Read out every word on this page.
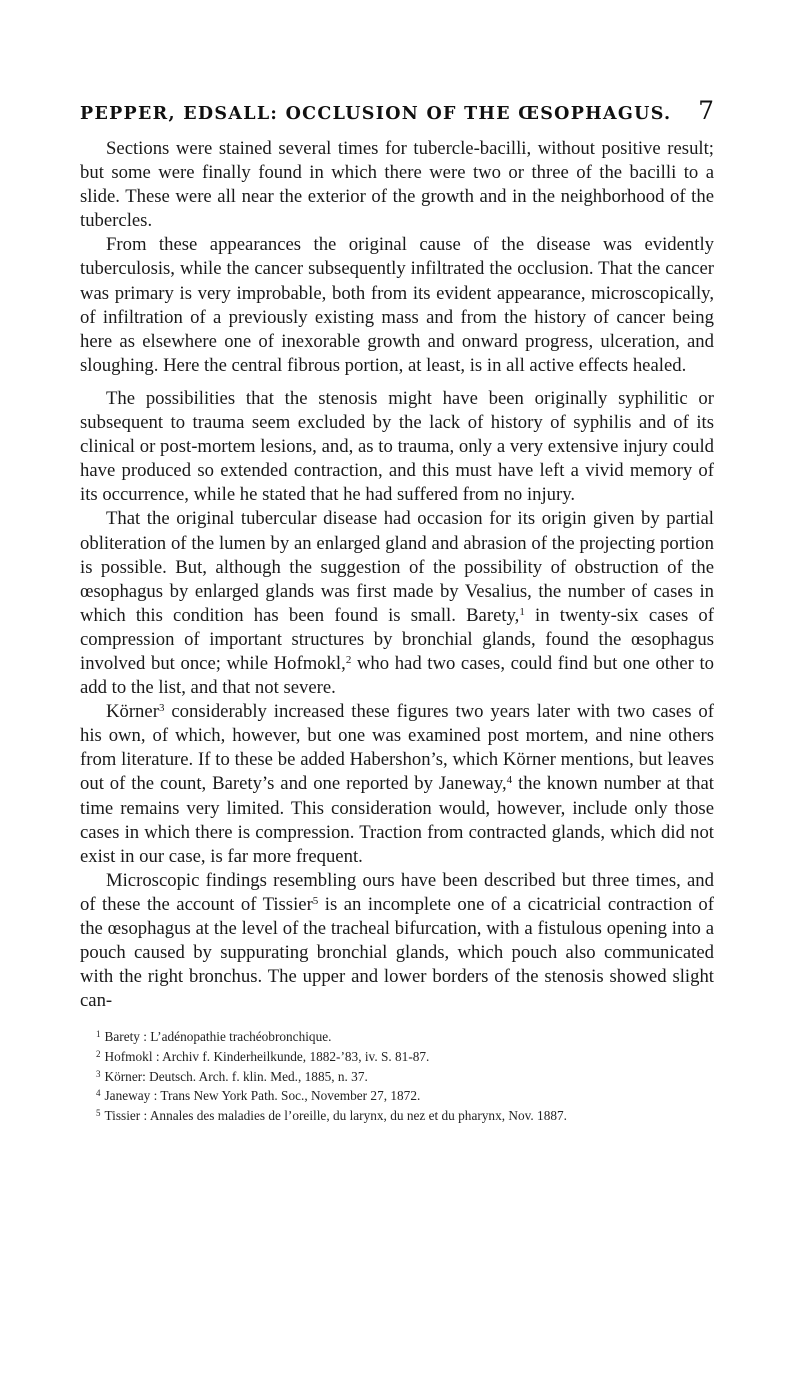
PEPPER, EDSALL: OCCLUSION OF THE ŒSOPHAGUS. 7

Sections were stained several times for tubercle-bacilli, without positive result; but some were finally found in which there were two or three of the bacilli to a slide. These were all near the exterior of the growth and in the neighborhood of the tubercles.

From these appearances the original cause of the disease was evidently tuberculosis, while the cancer subsequently infiltrated the occlusion. That the cancer was primary is very improbable, both from its evident appearance, microscopically, of infiltration of a previously existing mass and from the history of cancer being here as elsewhere one of inexorable growth and onward progress, ulceration, and sloughing. Here the central fibrous portion, at least, is in all active effects healed.

The possibilities that the stenosis might have been originally syphilitic or subsequent to trauma seem excluded by the lack of history of syphilis and of its clinical or post-mortem lesions, and, as to trauma, only a very extensive injury could have produced so extended contraction, and this must have left a vivid memory of its occurrence, while he stated that he had suffered from no injury.

That the original tubercular disease had occasion for its origin given by partial obliteration of the lumen by an enlarged gland and abrasion of the projecting portion is possible. But, although the suggestion of the possibility of obstruction of the œsophagus by enlarged glands was first made by Vesalius, the number of cases in which this condition has been found is small. Barety,$^1$ in twenty-six cases of compression of important structures by bronchial glands, found the œsophagus involved but once; while Hofmokl,$^2$ who had two cases, could find but one other to add to the list, and that not severe.

Körner$^3$ considerably increased these figures two years later with two cases of his own, of which, however, but one was examined post mortem, and nine others from literature. If to these be added Habershon’s, which Körner mentions, but leaves out of the count, Barety’s and one reported by Janeway,$^4$ the known number at that time remains very limited. This consideration would, however, include only those cases in which there is compression. Traction from contracted glands, which did not exist in our case, is far more frequent.

Microscopic findings resembling ours have been described but three times, and of these the account of Tissier$^5$ is an incomplete one of a cicatricial contraction of the œsophagus at the level of the tracheal bifurcation, with a fistulous opening into a pouch caused by suppurating bronchial glands, which pouch also communicated with the right bronchus. The upper and lower borders of the stenosis showed slight can-

$^1$ Barety : L’adénopathie trachéobronchique.

$^2$ Hofmokl : Archiv f. Kinderheilkunde, 1882-’83, iv. S. 81-87.

$^3$ Körner: Deutsch. Arch. f. klin. Med., 1885, n. 37.

$^4$ Janeway : Trans New York Path. Soc., November 27, 1872.

$^5$ Tissier : Annales des maladies de l’oreille, du larynx, du nez et du pharynx, Nov. 1887.
